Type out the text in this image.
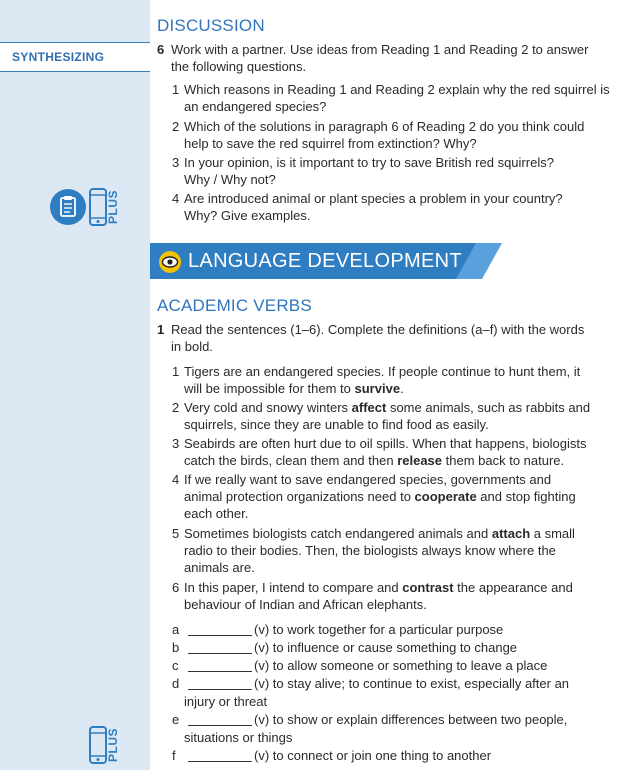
SYNTHESIZING
PLUS
PLUS
DISCUSSION
6 Work with a partner. Use ideas from Reading 1 and Reading 2 to answer
the following questions.
1 Which reasons in Reading 1 and Reading 2 explain why the red squirrel is
an endangered species?
2 Which of the solutions in paragraph 6 of Reading 2 do you think could
help to save the red squirrel from extinction? Why?
3 In your opinion, is it important to try to save British red squirrels?
Why / Why not?
4 Are introduced animal or plant species a problem in your country?
Why? Give examples.
LANGUAGE DEVELOPMENT
ACADEMIC VERBS
1 Read the sentences (1–6). Complete the definitions (a–f) with the words
in bold.
1 Tigers are an endangered species. If people continue to hunt them, it
will be impossible for them to survive.
2 Very cold and snowy winters affect some animals, such as rabbits and
squirrels, since they are unable to find food as easily.
3 Seabirds are often hurt due to oil spills. When that happens, biologists
catch the birds, clean them and then release them back to nature.
4 If we really want to save endangered species, governments and
animal protection organizations need to cooperate and stop fighting
each other.
5 Sometimes biologists catch endangered animals and attach a small
radio to their bodies. Then, the biologists always know where the
animals are.
6 In this paper, I intend to compare and contrast the appearance and
behaviour of Indian and African elephants.
a	(v) to work together for a particular purpose
b	(v) to influence or cause something to change
c	(v) to allow someone or something to leave a place
d	(v) to stay alive; to continue to exist, especially after an
injury or threat
e	(v) to show or explain differences between two people,
situations or things
f	(v) to connect or join one thing to another
